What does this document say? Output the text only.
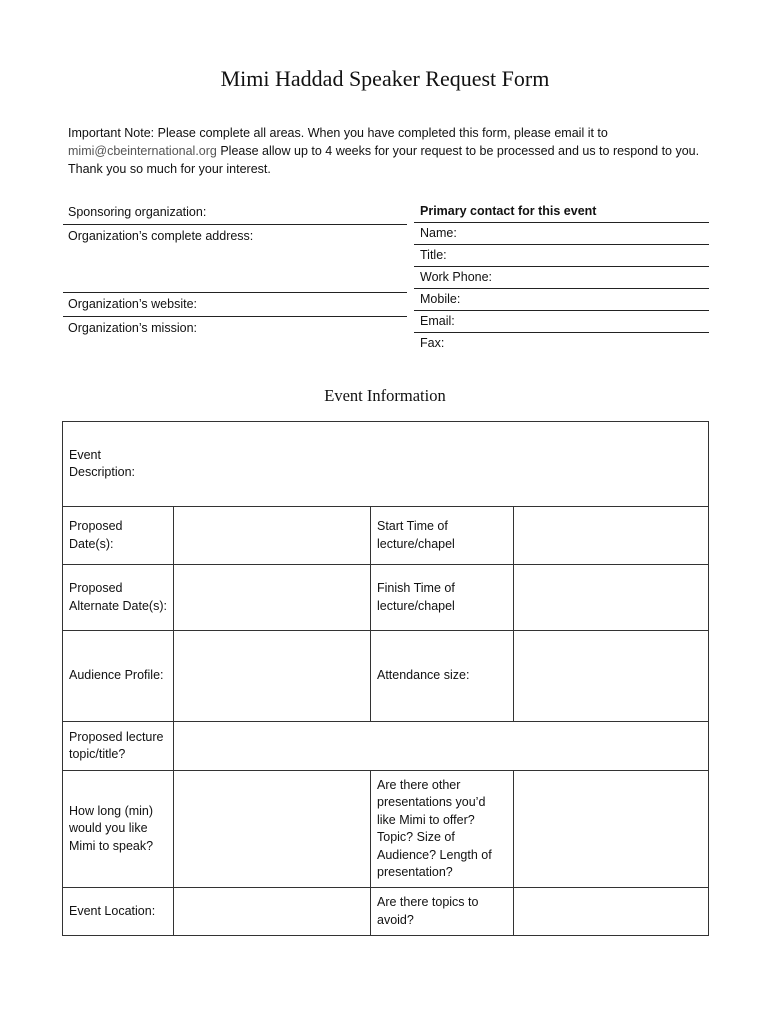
Mimi Haddad Speaker Request Form
Important Note: Please complete all areas. When you have completed this form, please email it to
mimi@cbeinternational.org Please allow up to 4 weeks for your request to be processed and us to respond to you. Thank you so much for your interest.
Sponsoring organization:
Organization’s complete address:
Organization’s website:
Organization’s mission:
Primary contact for this event
Name:
Title:
Work Phone:
Mobile:
Email:
Fax:
Event Information
Event Description:			

Proposed Date(s):		Start Time of lecture/chapel	
Proposed Alternate Date(s):		Finish Time of lecture/chapel	
Audience Profile:		Attendance size:	
Proposed lecture topic/title?			
How long (min) would you like Mimi to speak?		Are there other presentations you’d like Mimi to offer? Topic? Size of Audience? Length of presentation?	
Event Location:		Are there topics to avoid?	
